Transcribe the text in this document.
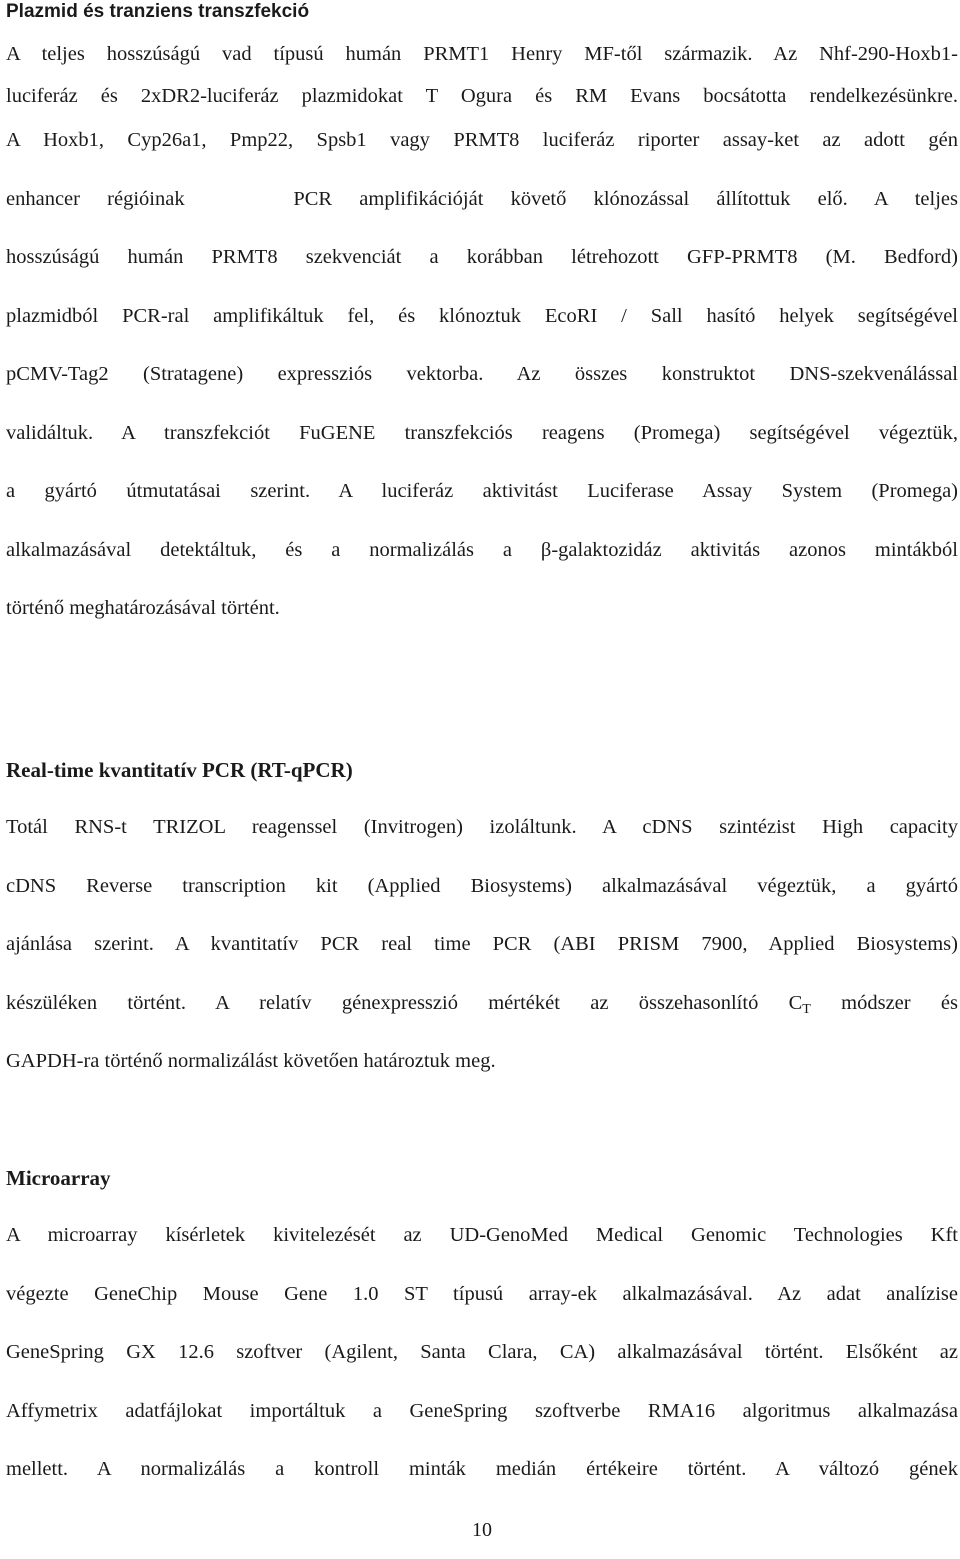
Plazmid és tranziens transzfekció
A teljes hosszúságú vad típusú humán PRMT1 Henry MF-től származik. Az Nhf-290-Hoxb1-
luciferáz és 2xDR2-luciferáz plazmidokat T Ogura és RM Evans bocsátotta rendelkezésünkre.
A Hoxb1, Cyp26a1, Pmp22, Spsb1 vagy PRMT8 luciferáz riporter assay-ket az adott gén
enhancer régióinak    PCR amplifikációját követő klónozással állítottuk elő. A teljes
hosszúságú humán PRMT8 szekvenciát a korábban létrehozott GFP-PRMT8 (M. Bedford)
plazmidból PCR-ral amplifikáltuk fel, és klónoztuk EcoRI / Sall hasító helyek segítségével
pCMV-Tag2 (Stratagene) expressziós vektorba. Az összes konstruktot DNS-szekvenálással
validáltuk. A transzfekciót FuGENE transzfekciós reagens (Promega) segítségével végeztük,
a gyártó útmutatásai szerint. A luciferáz aktivitást Luciferase Assay System (Promega)
alkalmazásával detektáltuk, és a normalizálás a β-galaktozidáz aktivitás azonos mintákból
történő meghatározásával történt.
Real-time kvantitatív PCR (RT-qPCR)
Totál RNS-t TRIZOL reagenssel (Invitrogen) izoláltunk. A cDNS szintézist High capacity
cDNS Reverse transcription kit (Applied Biosystems) alkalmazásával végeztük, a gyártó
ajánlása szerint. A kvantitatív PCR real time PCR (ABI PRISM 7900, Applied Biosystems)
készüléken történt. A relatív génexpresszió mértékét az összehasonlító $C_T$ módszer és
GAPDH-ra történő normalizálást követően határoztuk meg.
Microarray
A microarray kísérletek kivitelezését az UD-GenoMed Medical Genomic Technologies Kft
végezte GeneChip Mouse Gene 1.0 ST típusú array-ek alkalmazásával. Az adat analízise
GeneSpring GX 12.6 szoftver (Agilent, Santa Clara, CA) alkalmazásával történt. Elsőként az
Affymetrix adatfájlokat importáltuk a GeneSpring szoftverbe RMA16 algoritmus alkalmazása
mellett. A normalizálás a kontroll minták medián értékeire történt. A változó gének
10
